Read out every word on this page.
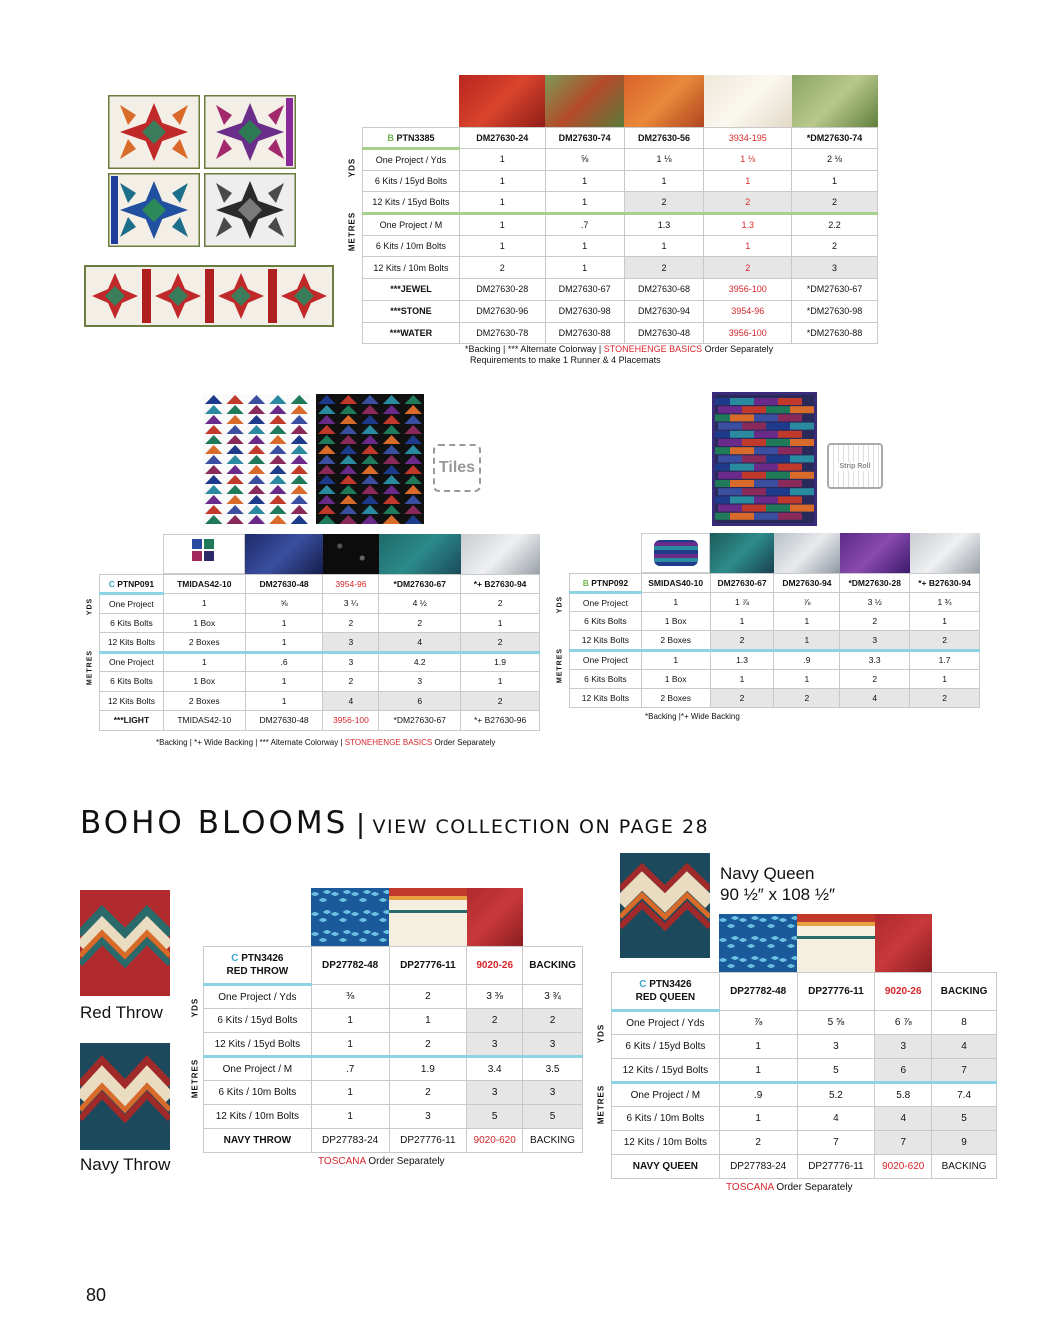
YDS
METRES
B PTN3385	DM27630-24	DM27630-74	DM27630-56	3934-195	*DM27630-74
One Project / Yds	1	⅝	1 ⅛	1 ⅛	2 ⅛
6 Kits / 15yd Bolts	1	1	1	1	1
12 Kits / 15yd Bolts	1	1	2	2	2
One Project / M	1	.7	1.3	1.3	2.2
6 Kits / 10m Bolts	1	1	1	1	2
12 Kits / 10m Bolts	2	1	2	2	3
***JEWEL	DM27630-28	DM27630-67	DM27630-68	3956-100	*DM27630-67
***STONE	DM27630-96	DM27630-98	DM27630-94	3954-96	*DM27630-98
***WATER	DM27630-78	DM27630-88	DM27630-48	3956-100	*DM27630-88
*Backing | *** Alternate Colorway | STONEHENGE BASICS Order Separately
Requirements to make 1 Runner & 4 Placemats
Tiles
YDS
METRES
C PTNP091	TMIDAS42-10	DM27630-48	3954-96	*DM27630-67	*+ B27630-94
One Project	1	⅝	3 ¼	4 ½	2
6 Kits Bolts	1 Box	1	2	2	1
12 Kits Bolts	2 Boxes	1	3	4	2
One Project	1	.6	3	4.2	1.9
6 Kits Bolts	1 Box	1	2	3	1
12 Kits Bolts	2 Boxes	1	4	6	2
***LIGHT	TMIDAS42-10	DM27630-48	3956-100	*DM27630-67	*+ B27630-96
*Backing | *+ Wide Backing | *** Alternate Colorway | STONEHENGE BASICS Order Separately
Strip Roll
YDS
METRES
B PTNP092	SMIDAS40-10	DM27630-67	DM27630-94	*DM27630-28	*+ B27630-94
One Project	1	1 ⅞	⅞	3 ½	1 ¾
6 Kits Bolts	1 Box	1	1	2	1
12 Kits Bolts	2 Boxes	2	1	3	2
One Project	1	1.3	.9	3.3	1.7
6 Kits Bolts	1 Box	1	1	2	1
12 Kits Bolts	2 Boxes	2	2	4	2
*Backing |*+ Wide Backing
BOHO BLOOMS | VIEW COLLECTION ON PAGE 28
Red Throw
Navy Throw
YDS
METRES
C PTN3426
RED THROW	DP27782-48	DP27776-11	9020-26	BACKING
One Project / Yds	⅜	2	3 ⅜	3 ¾
6 Kits / 15yd Bolts	1	1	2	2
12 Kits / 15yd Bolts	1	2	3	3
One Project / M	.7	1.9	3.4	3.5
6 Kits / 10m Bolts	1	2	3	3
12 Kits / 10m Bolts	1	3	5	5
NAVY THROW	DP27783-24	DP27776-11	9020-620	BACKING
TOSCANA Order Separately
Navy Queen
90 ½″ x 108 ½″
YDS
METRES
C PTN3426
RED QUEEN	DP27782-48	DP27776-11	9020-26	BACKING
One Project / Yds	⅞	5 ⅝	6 ⅞	8
6 Kits / 15yd Bolts	1	3	3	4
12 Kits / 15yd Bolts	1	5	6	7
One Project / M	.9	5.2	5.8	7.4
6 Kits / 10m Bolts	1	4	4	5
12 Kits / 10m Bolts	2	7	7	9
NAVY QUEEN	DP27783-24	DP27776-11	9020-620	BACKING
TOSCANA Order Separately
80
